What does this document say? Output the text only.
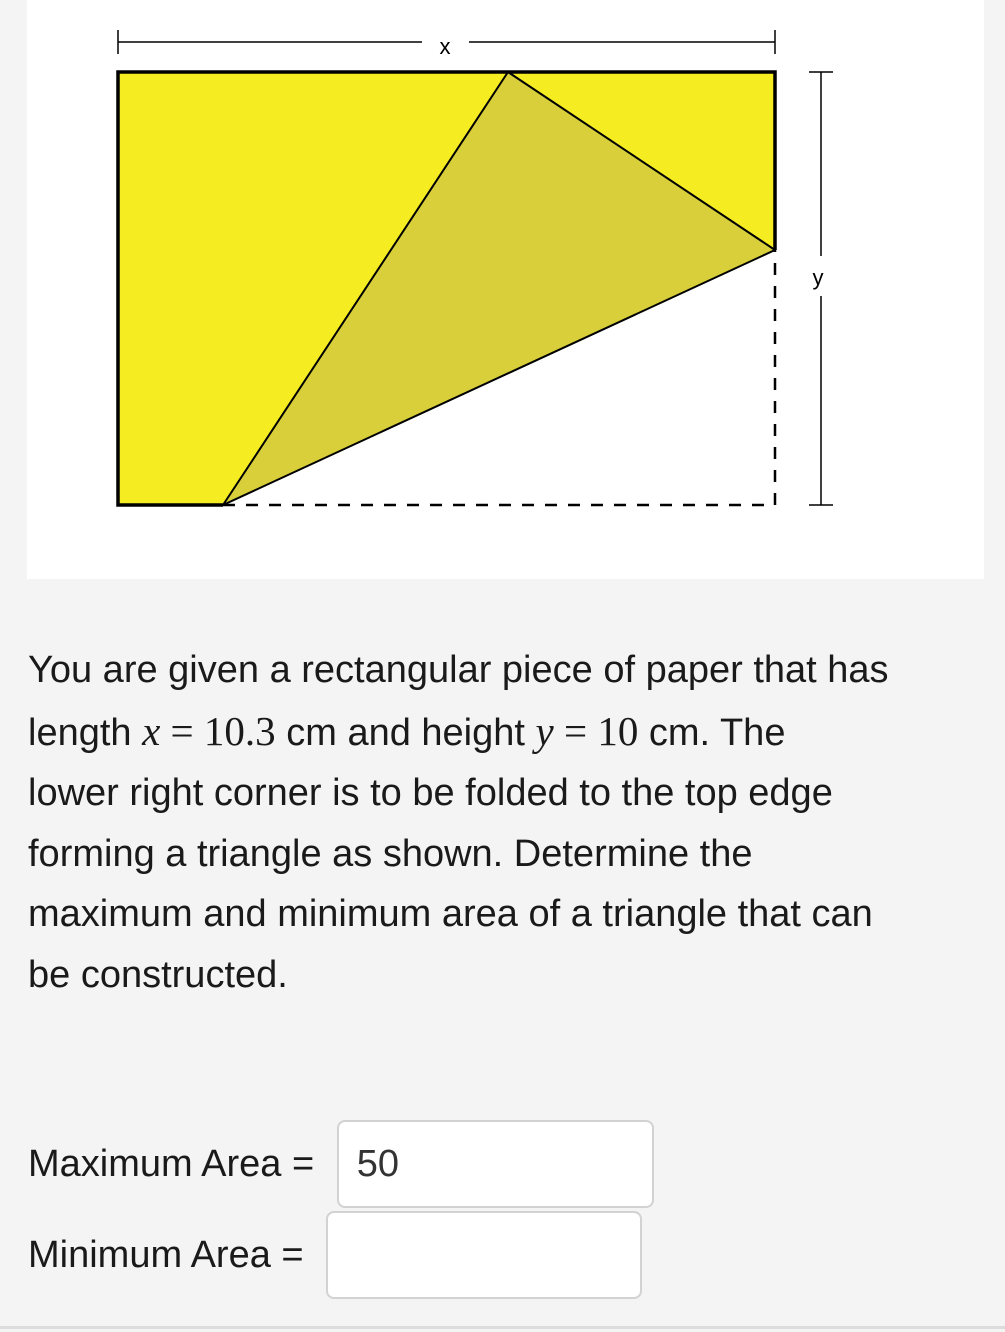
x
y
You are given a rectangular piece of paper that has
length x = 10.3 cm and height y = 10 cm. The
lower right corner is to be folded to the top edge
forming a triangle as shown. Determine the
maximum and minimum area of a triangle that can
be constructed.
Maximum Area =
50
Minimum Area =
